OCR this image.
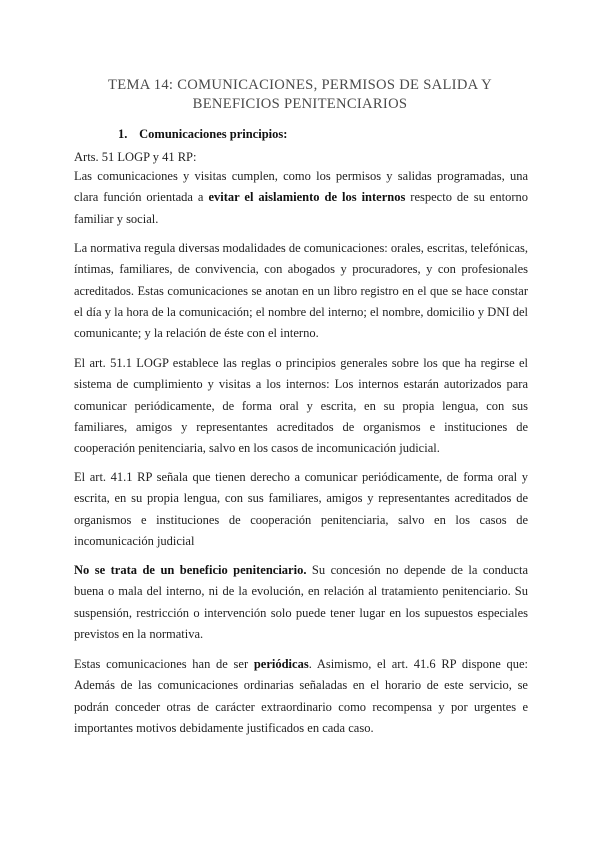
TEMA 14: COMUNICACIONES, PERMISOS DE SALIDA Y
BENEFICIOS PENITENCIARIOS
1. Comunicaciones principios:
Arts. 51 LOGP y 41 RP:
Las comunicaciones y visitas cumplen, como los permisos y salidas programadas, una clara función orientada a evitar el aislamiento de los internos respecto de su entorno familiar y social.
La normativa regula diversas modalidades de comunicaciones: orales, escritas, telefónicas, íntimas, familiares, de convivencia, con abogados y procuradores, y con profesionales acreditados. Estas comunicaciones se anotan en un libro registro en el que se hace constar el día y la hora de la comunicación; el nombre del interno; el nombre, domicilio y DNI del comunicante; y la relación de éste con el interno.
El art. 51.1 LOGP establece las reglas o principios generales sobre los que ha regirse el sistema de cumplimiento y visitas a los internos: Los internos estarán autorizados para comunicar periódicamente, de forma oral y escrita, en su propia lengua, con sus familiares, amigos y representantes acreditados de organismos e instituciones de cooperación penitenciaria, salvo en los casos de incomunicación judicial.
El art. 41.1 RP señala que tienen derecho a comunicar periódicamente, de forma oral y escrita, en su propia lengua, con sus familiares, amigos y representantes acreditados de organismos e instituciones de cooperación penitenciaria, salvo en los casos de incomunicación judicial
No se trata de un beneficio penitenciario. Su concesión no depende de la conducta buena o mala del interno, ni de la evolución, en relación al tratamiento penitenciario. Su suspensión, restricción o intervención solo puede tener lugar en los supuestos especiales previstos en la normativa.
Estas comunicaciones han de ser periódicas. Asimismo, el art. 41.6 RP dispone que: Además de las comunicaciones ordinarias señaladas en el horario de este servicio, se podrán conceder otras de carácter extraordinario como recompensa y por urgentes e importantes motivos debidamente justificados en cada caso.
